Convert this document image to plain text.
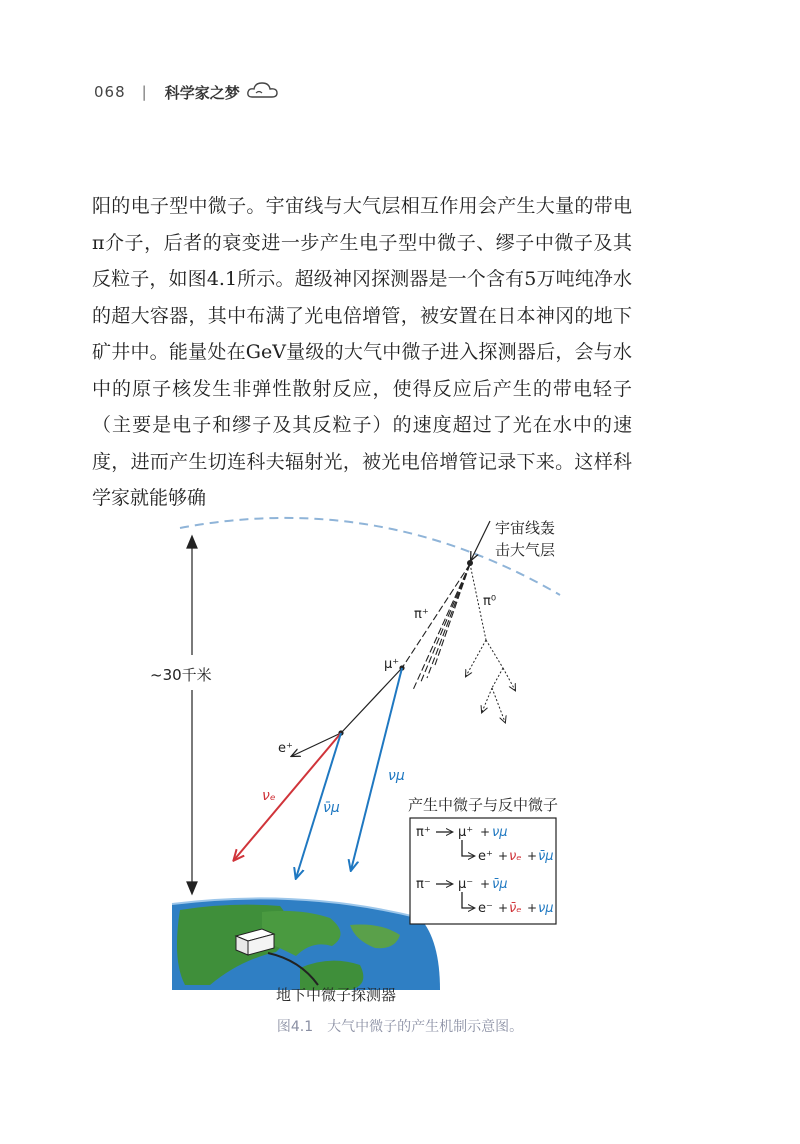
068 | 科学家之梦

阳的电子型中微子。宇宙线与大气层相互作用会产生大量的带电π介子，后者的衰变进一步产生电子型中微子、缪子中微子及其反粒子，如图4.1所示。超级神冈探测器是一个含有5万吨纯净水的超大容器，其中布满了光电倍增管，被安置在日本神冈的地下矿井中。能量处在GeV量级的大气中微子进入探测器后，会与水中的原子核发生非弹性散射反应，使得反应后产生的带电轻子（主要是电子和缪子及其反粒子）的速度超过了光在水中的速度，进而产生切连科夫辐射光，被光电倍增管记录下来。这样科学家就能够确

~30千米
宇宙线轰
击大气层
π⁺
π⁰
μ⁺
e⁺
νₑ
ν̄μ
νμ
地下中微子探测器
产生中微子与反中微子
π⁺ μ⁺ + νμ
e⁺ + νₑ + ν̄μ
π⁻ μ⁻ + ν̄μ
e⁻ + ν̄ₑ + νμ
图4.1 大气中微子的产生机制示意图。
